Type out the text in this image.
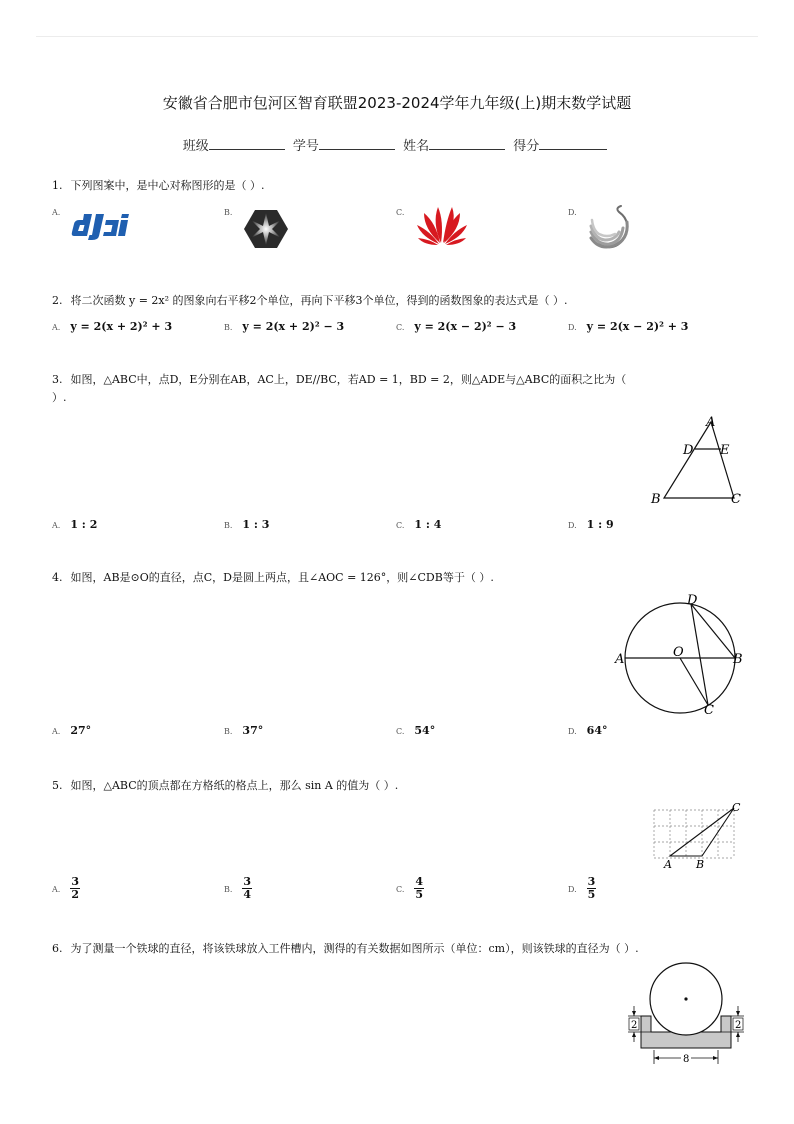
安徽省合肥市包河区智育联盟2023-2024学年九年级(上)期末数学试题
班级	学号	姓名	得分
1. 下列图案中，是中心对称图形的是（ ）.
A.	B.	C.	D.
2. 将二次函数 y = 2x² 的图象向右平移2个单位，再向下平移3个单位，得到的函数图象的表达式是（ ）.
A. y = 2(x + 2)² + 3	B. y = 2(x + 2)² − 3	C. y = 2(x − 2)² − 3	D. y = 2(x − 2)² + 3
3. 如图，△ABC中，点D，E分别在AB，AC上，DE//BC，若AD = 1，BD = 2，则△ADE与△ABC的面积之比为（
）.
A
D E
B	C
A. 1 : 2	B. 1 : 3	C. 1 : 4	D. 1 : 9
4. 如图，AB是⊙O的直径，点C，D是圆上两点，且∠AOC = 126°，则∠CDB等于（ ）.
D
A	O	B
C
A. 27°	B. 37°	C. 54°	D. 64°
5. 如图，△ABC的顶点都在方格纸的格点上，那么 sin A 的值为（ ）.
C
A B
A. $\frac{3}{2}$	B. $\frac{3}{4}$	C. $\frac{4}{5}$	D. $\frac{3}{5}$
6. 为了测量一个铁球的直径，将该铁球放入工件槽内，测得的有关数据如图所示（单位：cm），则该铁球的直径为（ ）.
2	2
8
